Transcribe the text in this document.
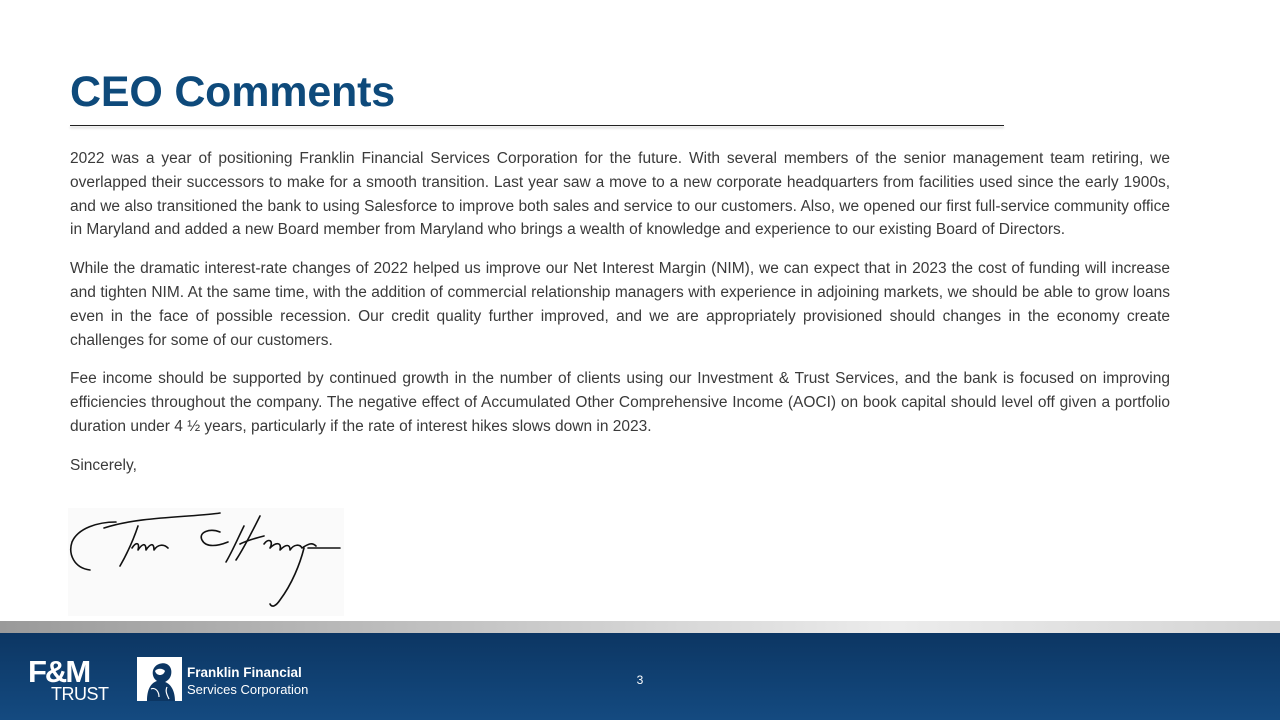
CEO Comments

2022 was a year of positioning Franklin Financial Services Corporation for the future. With several members of the senior management team retiring, we overlapped their successors to make for a smooth transition. Last year saw a move to a new corporate headquarters from facilities used since the early 1900s, and we also transitioned the bank to using Salesforce to improve both sales and service to our customers. Also, we opened our first full-service community office in Maryland and added a new Board member from Maryland who brings a wealth of knowledge and experience to our existing Board of Directors.

While the dramatic interest-rate changes of 2022 helped us improve our Net Interest Margin (NIM), we can expect that in 2023 the cost of funding will increase and tighten NIM. At the same time, with the addition of commercial relationship managers with experience in adjoining markets, we should be able to grow loans even in the face of possible recession. Our credit quality further improved, and we are appropriately provisioned should changes in the economy create challenges for some of our customers.

Fee income should be supported by continued growth in the number of clients using our Investment & Trust Services, and the bank is focused on improving efficiencies throughout the company. The negative effect of Accumulated Other Comprehensive Income (AOCI) on book capital should level off given a portfolio duration under 4 ½ years, particularly if the rate of interest hikes slows down in 2023.

Sincerely,

F&M
TRUST
Franklin Financial
Services Corporation
3
